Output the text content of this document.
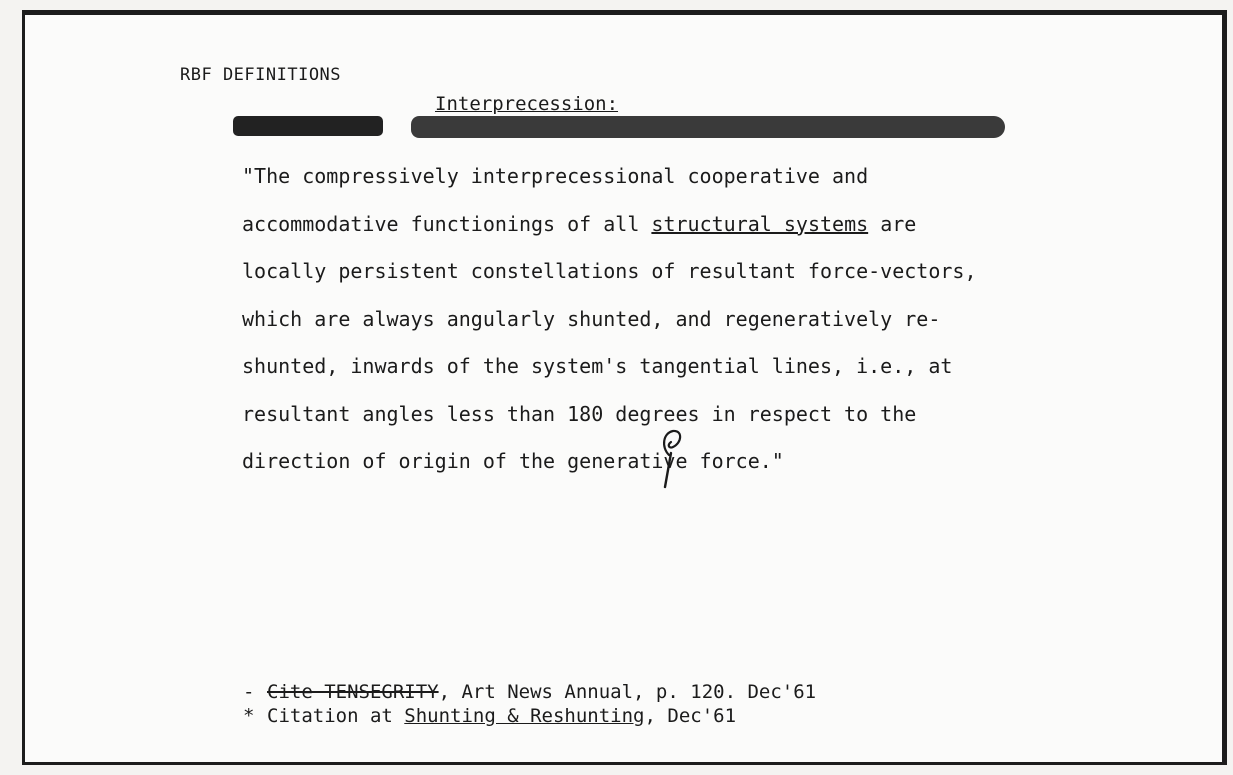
RBF DEFINITIONS
Interprecession:
"The compressively interprecessional cooperative and
accommodative functionings of all structural systems are
locally persistent constellations of resultant force-vectors,
which are always angularly shunted, and regeneratively re-
shunted, inwards of the system's tangential lines, i.e., at
resultant angles less than 180 degrees in respect to the
direction of origin of the generative force."
- Cite TENSEGRITY, Art News Annual, p. 120. Dec'61
* Citation at Shunting & Reshunting, Dec'61
